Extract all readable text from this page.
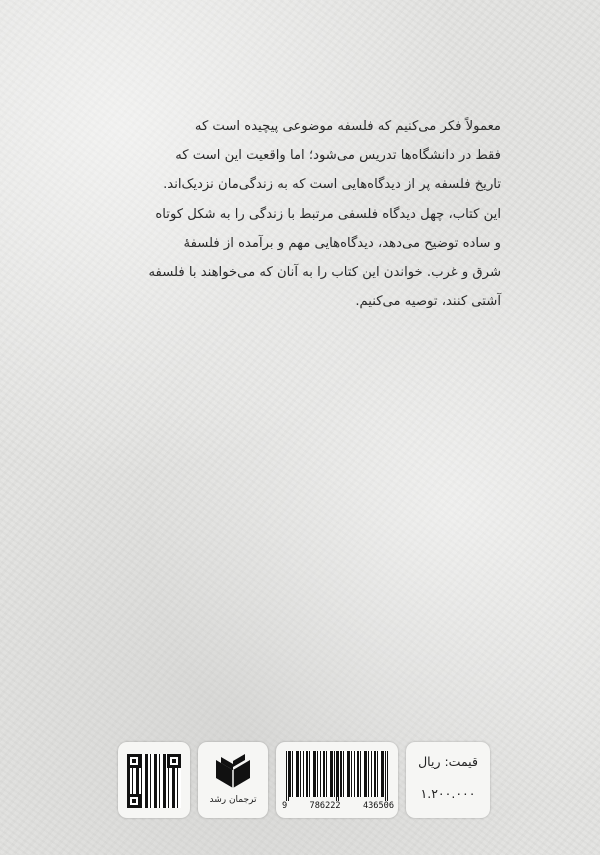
معمولاً فکر می‌کنیم که فلسفه موضوعی پیچیده است که

فقط در دانشگاه‌ها تدریس می‌شود؛ اما واقعیت این است که

تاریخ فلسفه پر از دیدگاه‌هایی است که به زندگی‌مان نزدیک‌اند.

این کتاب، چهل دیدگاه فلسفی مرتبط با زندگی را به شکل کوتاه

و ساده توضیح می‌دهد، دیدگاه‌هایی مهم و برآمده از فلسفهٔ

شرق و غرب. خواندن این کتاب را به آنان که می‌خواهند با فلسفه

آشتی کنند، توصیه می‌کنیم.

ترجمان رشد
9	786222	436506
قیمت: ریال
۱.۲۰۰.۰۰۰
